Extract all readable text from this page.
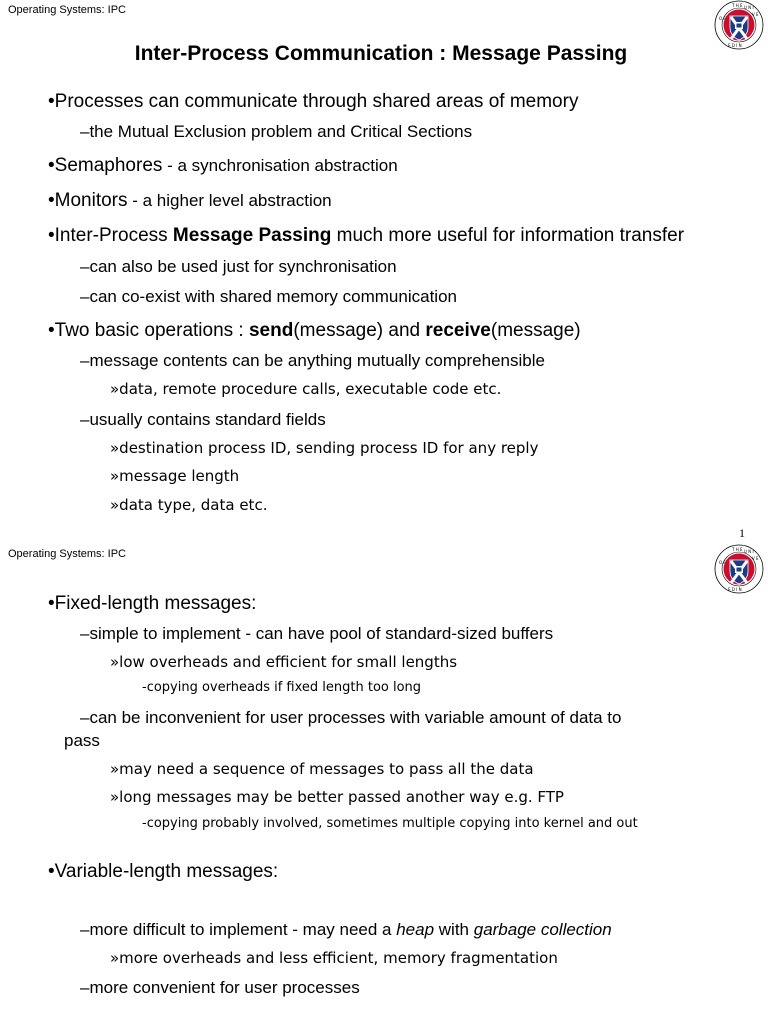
Operating Systems: IPC	T H E U N I
V E
O F
E D I N
Inter-Process Communication : Message Passing
•Processes can communicate through shared areas of memory
–the Mutual Exclusion problem and Critical Sections
•Semaphores - a synchronisation abstraction
•Monitors - a higher level abstraction
•Inter-Process Message Passing much more useful for information transfer
–can also be used just for synchronisation
–can co-exist with shared memory communication
•Two basic operations : send(message) and receive(message)
–message contents can be anything mutually comprehensible
»data, remote procedure calls, executable code etc.
–usually contains standard fields
»destination process ID, sending process ID for any reply
»message length
»data type, data etc.
1
Operating Systems: IPC	T H E U N I
V E
O F
E D I N
•Fixed-length messages:
–simple to implement - can have pool of standard-sized buffers
»low overheads and efficient for small lengths
-copying overheads if fixed length too long
–can be inconvenient for user processes with variable amount of data to
pass
»may need a sequence of messages to pass all the data
»long messages may be better passed another way e.g. FTP
-copying probably involved, sometimes multiple copying into kernel and out
•Variable-length messages:
–more difficult to implement - may need a heap with garbage collection
»more overheads and less efficient, memory fragmentation
–more convenient for user processes
